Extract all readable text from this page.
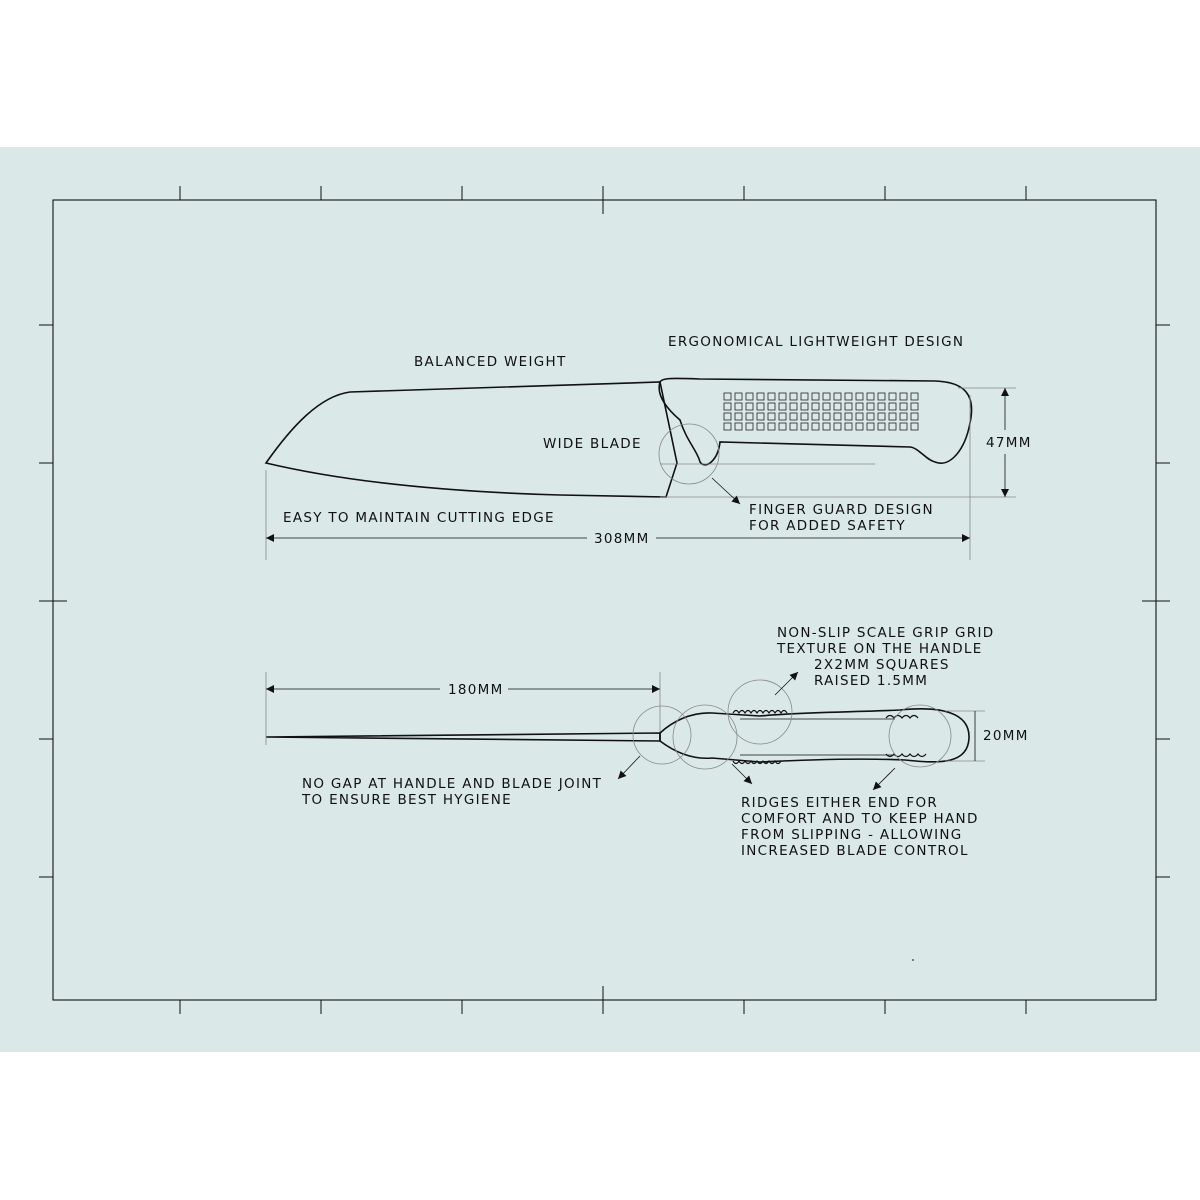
BALANCED WEIGHT
ERGONOMICAL LIGHTWEIGHT DESIGN
WIDE BLADE
EASY TO MAINTAIN CUTTING EDGE	FINGER GUARD DESIGN
FOR ADDED SAFETY
308MM
47MM
NON-SLIP SCALE GRIP GRID
TEXTURE ON THE HANDLE
2X2MM SQUARES
RAISED 1.5MM
180MM
20MM
NO GAP AT HANDLE AND BLADE JOINT
TO ENSURE BEST HYGIENE	RIDGES EITHER END FOR
COMFORT AND TO KEEP HAND
FROM SLIPPING - ALLOWING
INCREASED BLADE CONTROL
